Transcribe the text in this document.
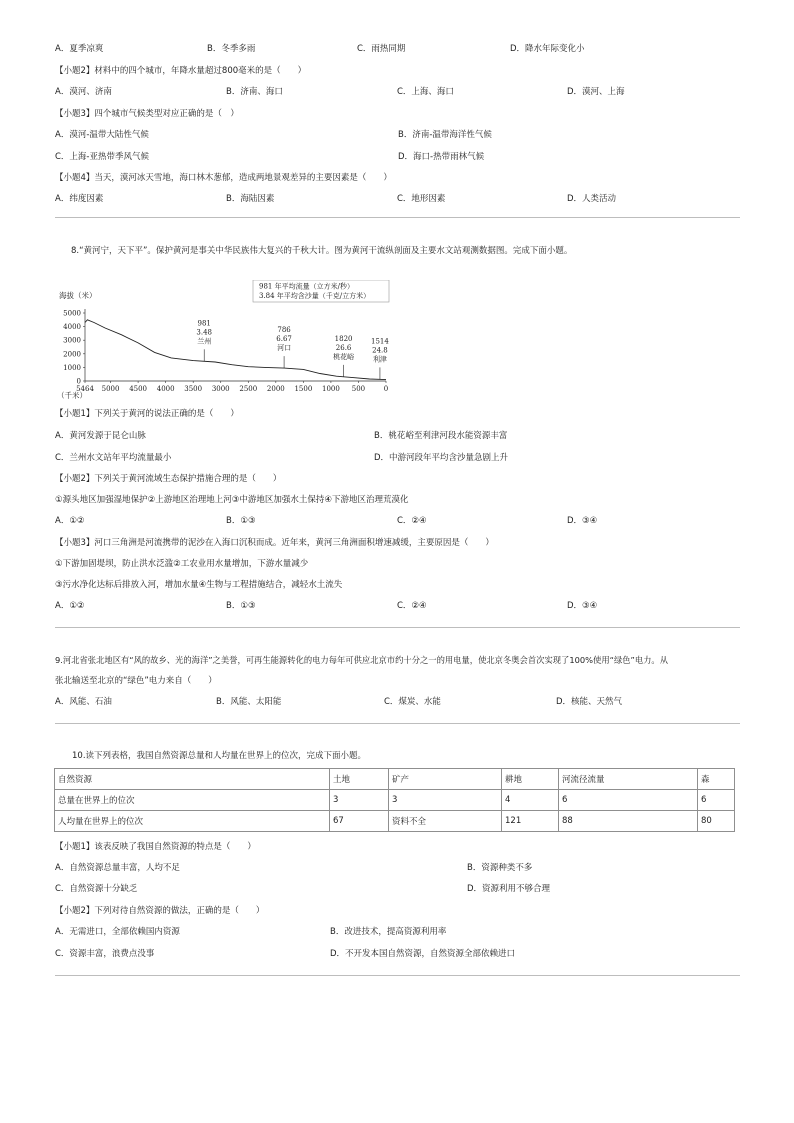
A．夏季凉爽	B．冬季多雨	C．雨热同期	D．降水年际变化小
【小题2】材料中的四个城市，年降水量超过800毫米的是（　　）
A．漠河、济南	B．济南、海口	C．上海、海口	D．漠河、上海
【小题3】四个城市气候类型对应正确的是（　）
A．漠河-温带大陆性气候	B．济南-温带海洋性气候
C．上海-亚热带季风气候	D．海口-热带雨林气候
【小题4】当天，漠河冰天雪地，海口林木葱郁，造成两地景观差异的主要因素是（　　）
A．纬度因素	B．海陆因素	C．地形因素	D．人类活动
8.“黄河宁，天下平”。保护黄河是事关中华民族伟大复兴的千秋大计。图为黄河干流纵剖面及主要水文站观测数据图。完成下面小题。
981 年平均流量（立方米/秒）
3.84 年平均含沙量（千克/立方米）
海拔（米）
（千米）
5000
4000
3000
2000
1000
0
5464 5000 4500 4000 3500 3000 2500 2000 1500 1000 500	0
981
3.48
兰州
786
6.67
河口
1820
26.6
桃花峪
1514
24.8
利津
【小题1】下列关于黄河的说法正确的是（　　）
A．黄河发源于昆仑山脉	B．桃花峪至利津河段水能资源丰富
C．兰州水文站年平均流量最小	D．中游河段年平均含沙量急剧上升
【小题2】下列关于黄河流域生态保护措施合理的是（　　）
①源头地区加强湿地保护②上游地区治理地上河③中游地区加强水土保持④下游地区治理荒漠化
A．①②	B．①③	C．②④	D．③④
【小题3】河口三角洲是河流携带的泥沙在入海口沉积而成。近年来，黄河三角洲面积增速减缓，主要原因是（　　）
①下游加固堤坝，防止洪水泛滥②工农业用水量增加，下游水量减少
③污水净化达标后排放入河，增加水量④生物与工程措施结合，减轻水土流失
A．①②	B．①③	C．②④	D．③④
9.河北省张北地区有“风的故乡、光的海洋”之美誉，可再生能源转化的电力每年可供应北京市约十分之一的用电量，使北京冬奥会首次实现了100%使用“绿色”电力。从
张北输送至北京的“绿色”电力来自（　　）
A．风能、石油	B．风能、太阳能	C．煤炭、水能	D．核能、天然气
10.读下列表格，我国自然资源总量和人均量在世界上的位次，完成下面小题。
自然资源	土地	矿产	耕地	河流径流量	森
总量在世界上的位次	3	3	4	6	6
人均量在世界上的位次	67	资料不全	121	88	80
【小题1】该表反映了我国自然资源的特点是（　　）
A．自然资源总量丰富，人均不足	B．资源种类不多
C．自然资源十分缺乏	D．资源利用不够合理
【小题2】下列对待自然资源的做法，正确的是（　　）
A．无需进口，全部依赖国内资源	B．改进技术，提高资源利用率
C．资源丰富，浪费点没事	D．不开发本国自然资源，自然资源全部依赖进口
